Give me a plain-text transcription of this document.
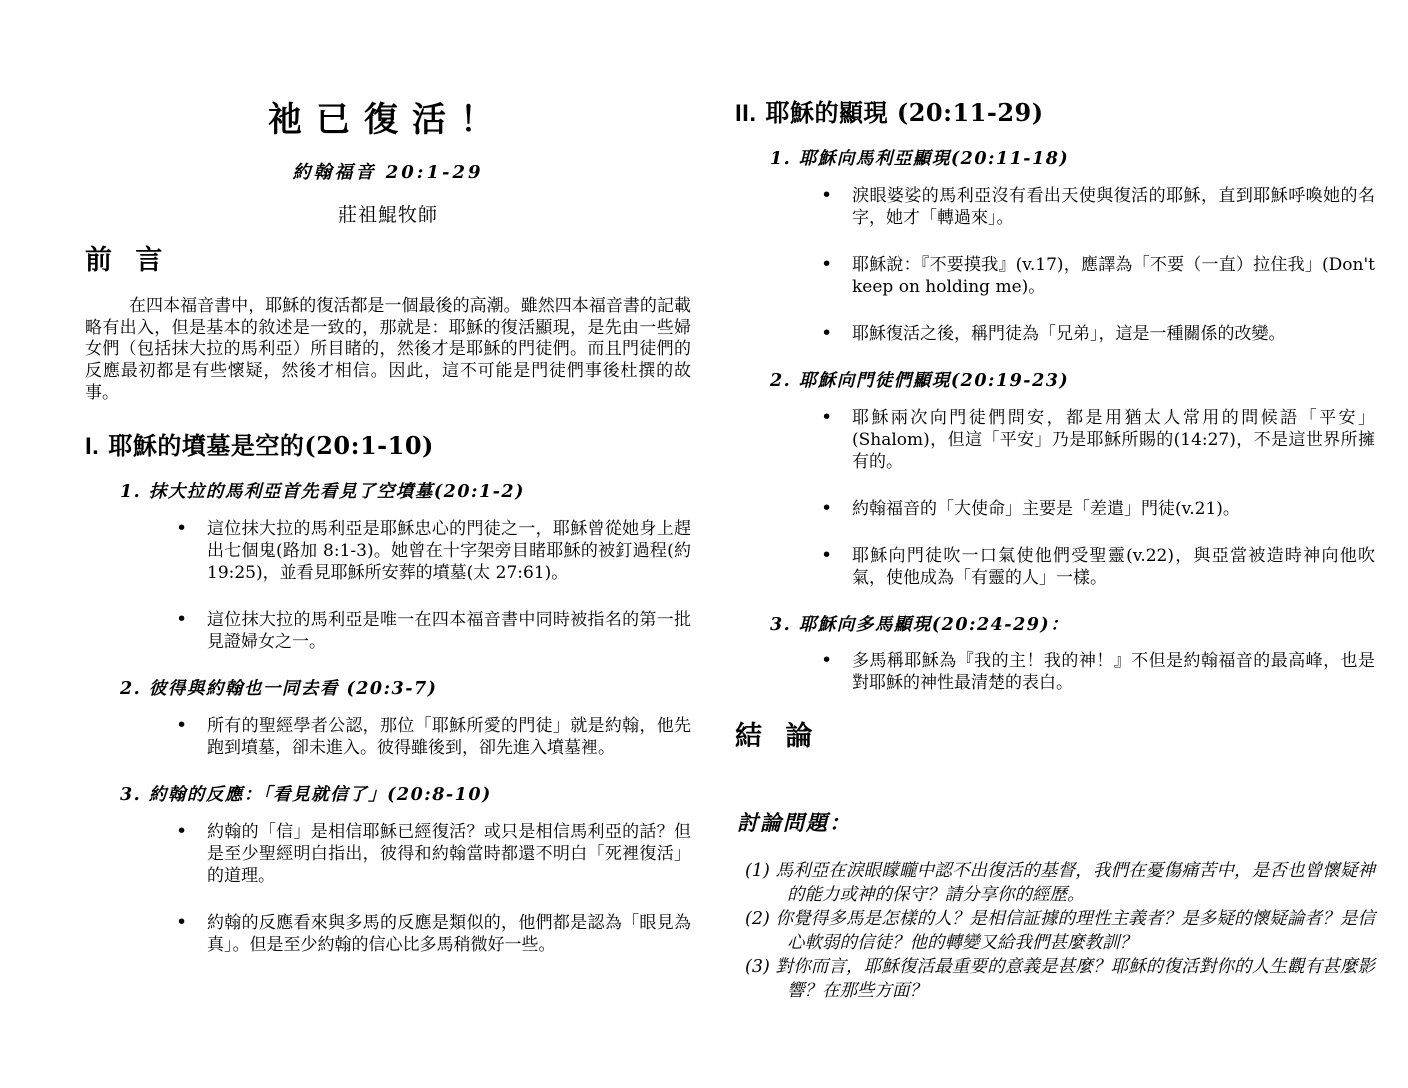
祂已復活！
約翰福音 20:1-29
莊祖鯤牧師
前 言

在四本福音書中，耶穌的復活都是一個最後的高潮。雖然四本福音書的記載略有出入，但是基本的敘述是一致的，那就是：耶穌的復活顯現，是先由一些婦女們（包括抹大拉的馬利亞）所目睹的，然後才是耶穌的門徒們。而且門徒們的反應最初都是有些懷疑，然後才相信。因此，這不可能是門徒們事後杜撰的故事。

I. 耶穌的墳墓是空的(20:1-10)
1. 抹大拉的馬利亞首先看見了空墳墓(20:1-2)
• 這位抹大拉的馬利亞是耶穌忠心的門徒之一，耶穌曾從她身上趕出七個鬼(路加 8:1-3)。她曾在十字架旁目睹耶穌的被釘過程(約 19:25)，並看見耶穌所安葬的墳墓(太 27:61)。
• 這位抹大拉的馬利亞是唯一在四本福音書中同時被指名的第一批見證婦女之一。
2. 彼得與約翰也一同去看 (20:3-7)
• 所有的聖經學者公認，那位「耶穌所愛的門徒」就是約翰，他先跑到墳墓，卻未進入。彼得雖後到，卻先進入墳墓裡。
3. 約翰的反應：「看見就信了」(20:8-10)
• 約翰的「信」是相信耶穌已經復活？或只是相信馬利亞的話？但是至少聖經明白指出，彼得和約翰當時都還不明白「死裡復活」的道理。
• 約翰的反應看來與多馬的反應是類似的，他們都是認為「眼見為真」。但是至少約翰的信心比多馬稍微好一些。
II. 耶穌的顯現 (20:11-29)
1. 耶穌向馬利亞顯現(20:11-18)
• 淚眼婆娑的馬利亞沒有看出天使與復活的耶穌，直到耶穌呼喚她的名字，她才「轉過來」。
• 耶穌說：『不要摸我』(v.17)，應譯為「不要（一直）拉住我」(Don't keep on holding me)。
• 耶穌復活之後，稱門徒為「兄弟」，這是一種關係的改變。
2. 耶穌向門徒們顯現(20:19-23)
• 耶穌兩次向門徒們問安，都是用猶太人常用的問候語「平安」(Shalom)，但這「平安」乃是耶穌所賜的(14:27)，不是這世界所擁有的。
• 約翰福音的「大使命」主要是「差遣」門徒(v.21)。
• 耶穌向門徒吹一口氣使他們受聖靈(v.22)，與亞當被造時神向他吹氣，使他成為「有靈的人」一樣。
3. 耶穌向多馬顯現(20:24-29)：
• 多馬稱耶穌為『我的主！我的神！』不但是約翰福音的最高峰，也是對耶穌的神性最清楚的表白。
結 論
討論問題：
(1) 馬利亞在淚眼矇矓中認不出復活的基督，我們在憂傷痛苦中，是否也曾懷疑神的能力或神的保守？請分享你的經歷。
(2) 你覺得多馬是怎樣的人？是相信証據的理性主義者？是多疑的懷疑論者？是信心軟弱的信徒？他的轉變又給我們甚麼教訓？
(3) 對你而言，耶穌復活最重要的意義是甚麼？耶穌的復活對你的人生觀有甚麼影響？在那些方面？
